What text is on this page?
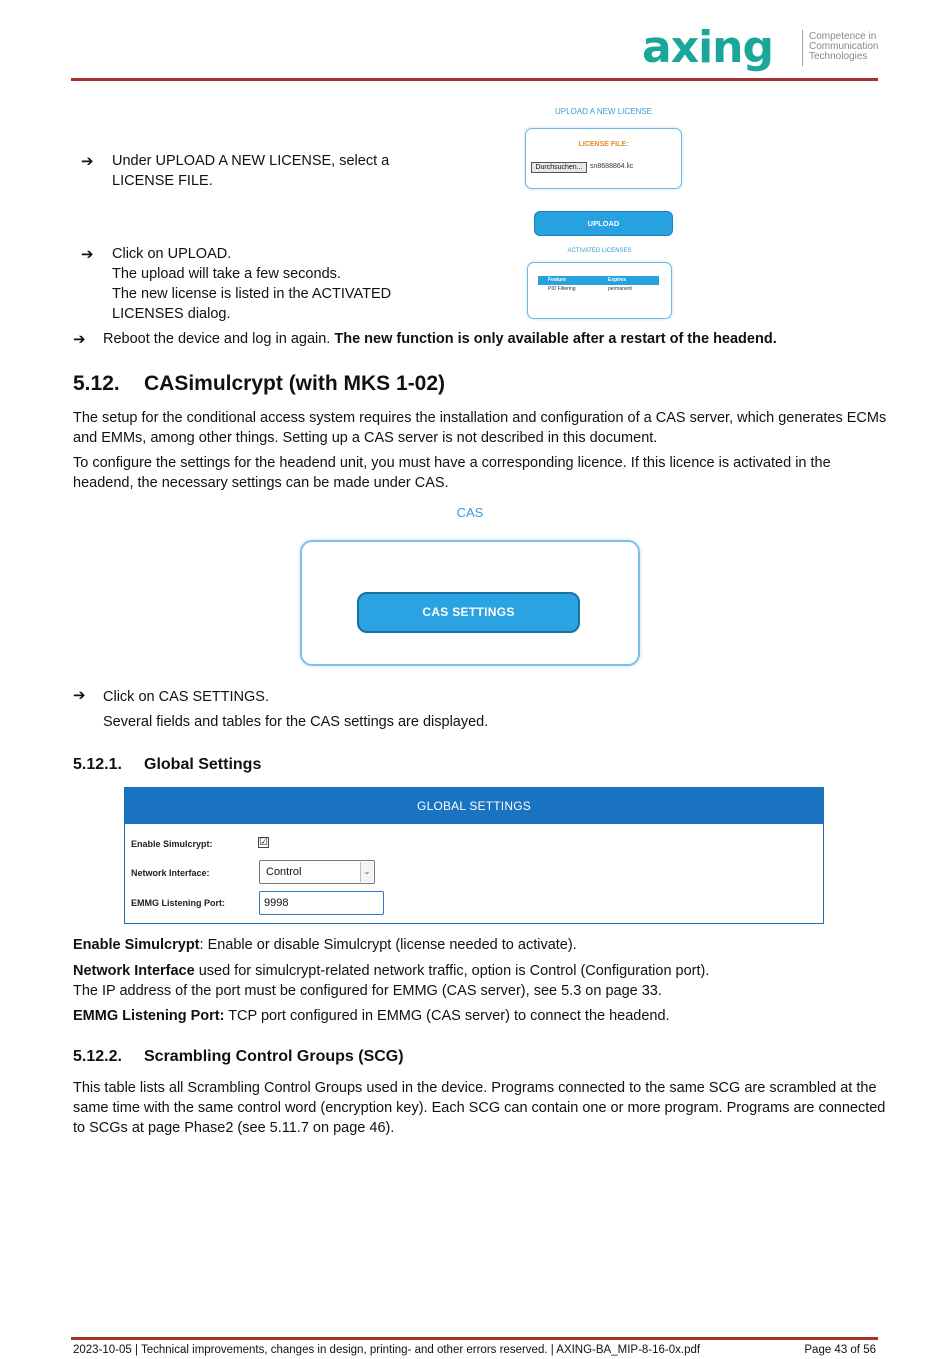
axing	Competence in
Communication
Technologies
UPLOAD A NEW LICENSE
LICENSE FILE:
Durchsuchen...	sn8688864.lic
UPLOAD
ACTIVATED LICENSES
Feature	Expires
PID Filtering	permanent
➔ Under UPLOAD A NEW LICENSE, select a
LICENSE FILE.
➔ Click on UPLOAD.
The upload will take a few seconds.
The new license is listed in the ACTIVATED
LICENSES dialog.
➔ Reboot the device and log in again. The new function is only available after a restart of the headend.
5.12. CASimulcrypt (with MKS 1-02)
The setup for the conditional access system requires the installation and configuration of a CAS server, which generates ECMs
and EMMs, among other things. Setting up a CAS server is not described in this document.
To configure the settings for the headend unit, you must have a corresponding licence. If this licence is activated in the
headend, the necessary settings can be made under CAS.
CAS
CAS SETTINGS
➔ Click on CAS SETTINGS.
Several fields and tables for the CAS settings are displayed.
5.12.1. Global Settings
GLOBAL SETTINGS
Enable Simulcrypt:	☑
Network Interface:	Control	⌄
EMMG Listening Port:	9998
Enable Simulcrypt: Enable or disable Simulcrypt (license needed to activate).
Network Interface used for simulcrypt-related network traffic, option is Control (Configuration port).
The IP address of the port must be configured for EMMG (CAS server), see 5.3 on page 33.
EMMG Listening Port: TCP port configured in EMMG (CAS server) to connect the headend.
5.12.2. Scrambling Control Groups (SCG)
This table lists all Scrambling Control Groups used in the device. Programs connected to the same SCG are scrambled at the
same time with the same control word (encryption key). Each SCG can contain one or more program. Programs are connected
to SCGs at page Phase2 (see 5.11.7 on page 46).
2023-10-05 | Technical improvements, changes in design, printing- and other errors reserved. | AXING-BA_MIP-8-16-0x.pdf	Page 43 of 56
